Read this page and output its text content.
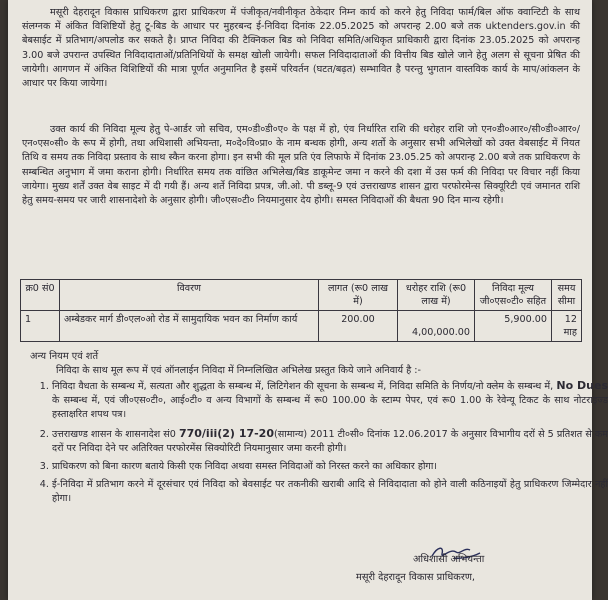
मसूरी देहरादून विकास प्राधिकरण द्वारा प्राधिकरण में पंजीकृत/नवीनीकृत ठेकेदार निम्न कार्य को करने हेतु निविदा फार्म/बिल ऑफ क्वान्टिटी के साथ संलग्नक में अंकित विशिष्टियों हेतु टू-बिड के आधार पर मुहरबन्द ई-निविदा दिनांक 22.05.2025 को अपरान्ह 2.00 बजे तक uktenders.gov.in की बेबसाईट में प्रतिभाग/अपलोड कर सकते है। प्राप्त निविदा की टैक्निकल बिड को निविदा समिति/अधिकृत प्राधिकारी द्वारा दिनांक 23.05.2025 को अपरान्ह 3.00 बजे उपरान्त उपस्थित निविदादाताओं/प्रतिनिधियों के समक्ष खोली जायेगी। सफल निविदादाताओं की वित्तीय बिड खोले जाने हेतु अलग से सूचना प्रेषित की जायेगी। आगणन में अंकित विशिष्टियों की मात्रा पूर्णत अनुमानित है इसमें परिवर्तन (घटत/बढ़त) सम्भावित है परन्तु भुगतान वास्तविक कार्य के माप/आंकलन के आधार पर किया जायेगा।
उक्त कार्य की निविदा मूल्य हेतु पे-आर्डर जो सचिव, एम०डी०डी०ए० के पक्ष में हो, एंव निर्धारित राशि की धरोहर राशि जो एन०डी०आर०/सी०डी०आर०/एन०एस०सी० के रूप में होगी, तथा अधिशासी अभियन्ता, म०दे०वि०प्रा० के नाम बन्धक होगी, अन्य शर्तो के अनुसार सभी अभिलेखों को उक्त वेबसाईट में नियत तिथि व समय तक निविदा प्रस्ताव के साथ स्कैन करना होगा। इन सभी की मूल प्रति एंव लिफाफे में दिनांक 23.05.25 को अपरान्ह 2.00 बजे तक प्राधिकरण के सम्बन्धित अनुभाग में जमा कराना होगी। निर्धारित समय तक वांछित अभिलेख/बिड डाकूमेन्ट जमा न करने की दशा में उस फर्म की निविदा पर विचार नहीं किया जायेगा। मुख्य शर्तें उक्त वेब साइट में दी गयी हैं। अन्य शर्ते निविदा प्रपत्र, जी.ओ. पी डब्लू-9 एवं उत्तराखण्ड शासन द्वारा परफोरमेन्स सिक्यूरिटी एवं जमानत राशि हेतु समय-समय पर जारी शासनादेशो के अनुसार होगी। जी०एस०टी० नियमानुसार देय होगी। समस्त निविदाओं की बैधता 90 दिन मान्य रहेगी।
क्र0 सं0	विवरण	लागत (रू0 लाख में)	धरोहर राशि (रू0 लाख में)	निविदा मूल्य जी०एस०टी० सहित	समय सीमा
1	अम्बेडकर मार्ग डी०एल०ओ रोड में सामुदायिक भवन का निर्माण कार्य	200.00	4,00,000.00	5,900.00	12 माह
अन्य नियम एवं शर्ते
निविदा के साथ मूल रूप में एवं ऑनलाईन निविदा में निम्नलिखित अभिलेख प्रस्तुत किये जाने अनिवार्य है :-
1. निविदा वैधता के सम्बन्ध में, सत्यता और शुद्धता के सम्बन्ध में, लिटिगेशन की सूचना के सम्बन्ध में, निविदा समिति के निर्णय/नो क्लेम के सम्बन्ध में, No Dues के सम्बन्ध में, एवं जी०एस०टी०, आई०टी० व अन्य विभागों के सम्बन्ध में रू0 100.00 के स्टाम्प पेपर, एवं रू0 1.00 के रेवेन्यू टिकट के साथ नोटराइज्ड हस्ताक्षरित शपथ पत्र।
2. उत्तराखण्ड शासन के शासनादेश सं0 770/iii(2) 17-20(सामान्य) 2011 टी०सी० दिनांक 12.06.2017 के अनुसार विभागीय दरों से 5 प्रतिशत से कम दरों पर निविदा देने पर अतिरिक्त परफोरमेंस सिक्योरिटी नियमानुसार जमा करनी होगी।
3. प्राधिकरण को बिना कारण बताये किसी एक निविदा अथवा समस्त निविदाओं को निरस्त करने का अधिकार होगा।
4. ई-निविदा में प्रतिभाग करने में दूरसंचार एवं निविदा को बेवसाईट पर तकनीकी खराबी आदि से निविदादाता को होने वाली कठिनाइयों हेतु प्राधिकरण जिम्मेदार नहीं होगा।
अधिशासी अभियन्ता
मसूरी देहरादून विकास प्राधिकरण,
